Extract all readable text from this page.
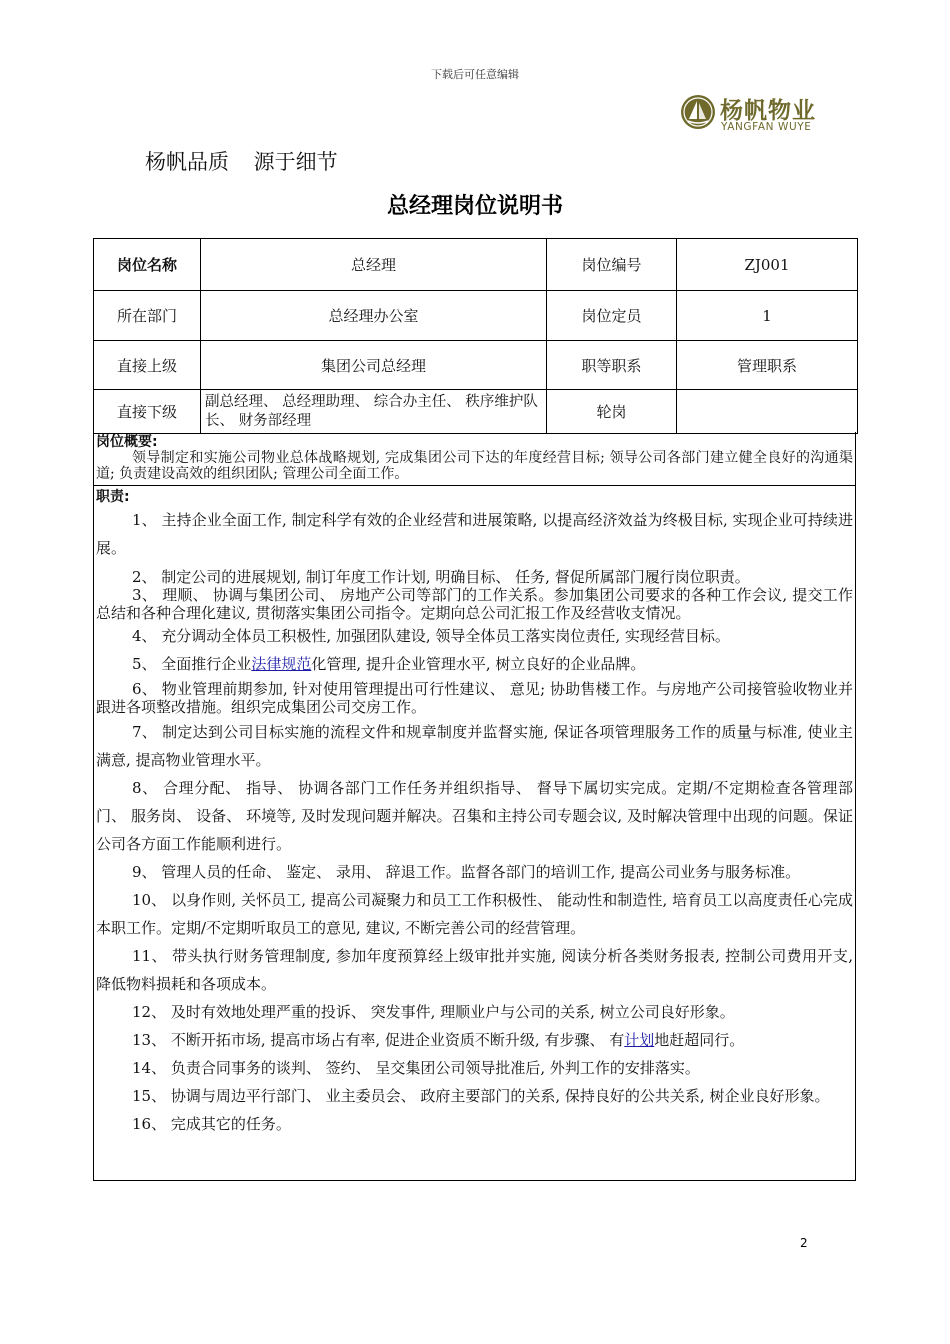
下载后可任意编辑
杨帆物业
YANGFAN WUYE
杨帆品质 源于细节
总经理岗位说明书
岗位名称	总经理	岗位编号	ZJ001
所在部门	总经理办公室	岗位定员	1
直接上级	集团公司总经理	职等职系	管理职系
直接下级	副总经理、 总经理助理、 综合办主任、 秩序维护队长、 财务部经理	轮岗	
岗位概要:
领导制定和实施公司物业总体战略规划, 完成集团公司下达的年度经营目标; 领导公司各部门建立健全良好的沟通渠道; 负责建设高效的组织团队; 管理公司全面工作。
职责:

1、 主持企业全面工作, 制定科学有效的企业经营和进展策略, 以提高经济效益为终极目标, 实现企业可持续进展。

2、 制定公司的进展规划, 制订年度工作计划, 明确目标、 任务, 督促所属部门履行岗位职责。

3、 理顺、 协调与集团公司、 房地产公司等部门的工作关系。参加集团公司要求的各种工作会议, 提交工作总结和各种合理化建议, 贯彻落实集团公司指令。定期向总公司汇报工作及经营收支情况。

4、 充分调动全体员工积极性, 加强团队建设, 领导全体员工落实岗位责任, 实现经营目标。

5、 全面推行企业法律规范化管理, 提升企业管理水平, 树立良好的企业品牌。

6、 物业管理前期参加, 针对使用管理提出可行性建议、 意见; 协助售楼工作。与房地产公司接管验收物业并跟进各项整改措施。组织完成集团公司交房工作。

7、 制定达到公司目标实施的流程文件和规章制度并监督实施, 保证各项管理服务工作的质量与标准, 使业主满意, 提高物业管理水平。

8、 合理分配、 指导、 协调各部门工作任务并组织指导、 督导下属切实完成。定期/不定期检查各管理部门、 服务岗、 设备、 环境等, 及时发现问题并解决。召集和主持公司专题会议, 及时解决管理中出现的问题。保证公司各方面工作能顺利进行。

9、 管理人员的任命、 鉴定、 录用、 辞退工作。监督各部门的培训工作, 提高公司业务与服务标准。

10、 以身作则, 关怀员工, 提高公司凝聚力和员工工作积极性、 能动性和制造性, 培育员工以高度责任心完成本职工作。定期/不定期听取员工的意见, 建议, 不断完善公司的经营管理。

11、 带头执行财务管理制度, 参加年度预算经上级审批并实施, 阅读分析各类财务报表, 控制公司费用开支, 降低物料损耗和各项成本。

12、 及时有效地处理严重的投诉、 突发事件, 理顺业户与公司的关系, 树立公司良好形象。

13、 不断开拓市场, 提高市场占有率, 促进企业资质不断升级, 有步骤、 有计划地赶超同行。

14、 负责合同事务的谈判、 签约、 呈交集团公司领导批准后, 外判工作的安排落实。

15、 协调与周边平行部门、 业主委员会、 政府主要部门的关系, 保持良好的公共关系, 树企业良好形象。

16、 完成其它的任务。

2
